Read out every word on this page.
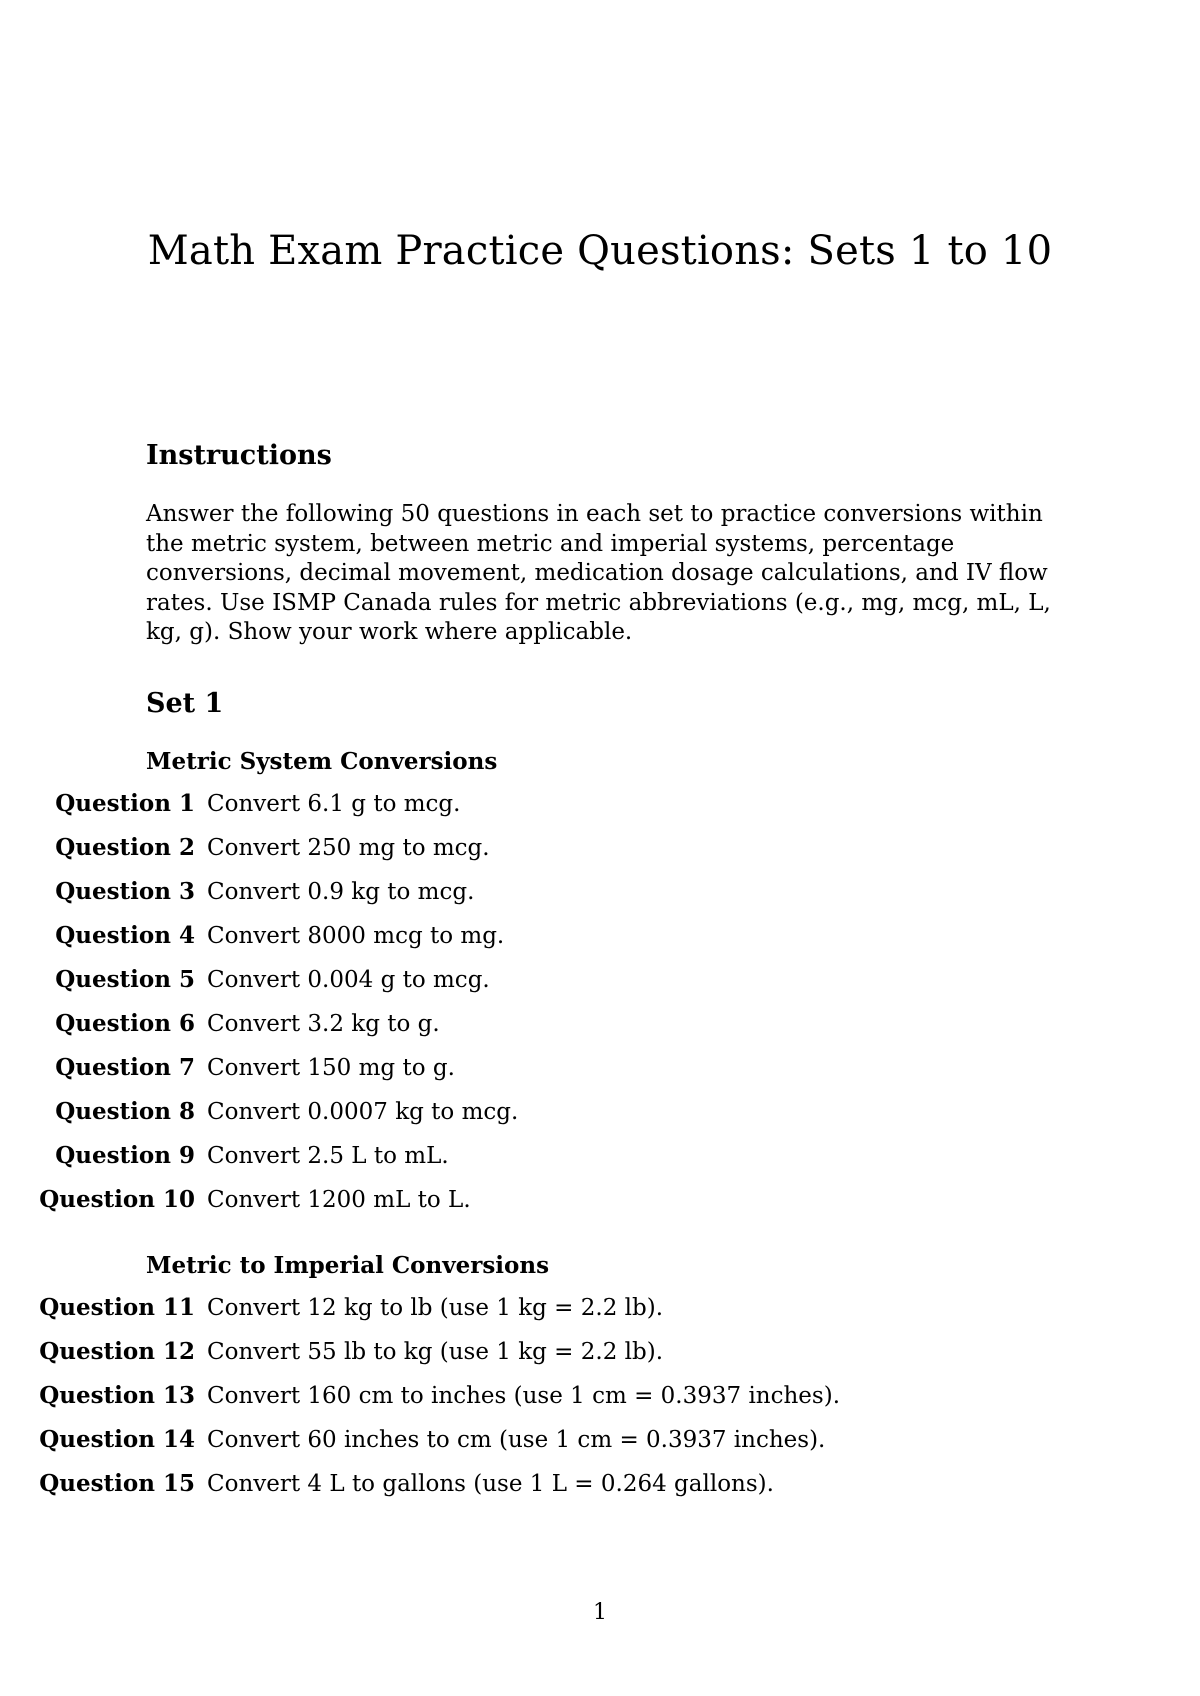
Math Exam Practice Questions: Sets 1 to 10
Instructions

Answer the following 50 questions in each set to practice conversions within the metric system, between metric and imperial systems, percentage conversions, decimal movement, medication dosage calculations, and IV flow rates. Use ISMP Canada rules for metric abbreviations (e.g., mg, mcg, mL, L, kg, g). Show your work where applicable.

Set 1
Metric System Conversions
Question 1 Convert 6.1 g to mcg.
Question 2 Convert 250 mg to mcg.
Question 3 Convert 0.9 kg to mcg.
Question 4 Convert 8000 mcg to mg.
Question 5 Convert 0.004 g to mcg.
Question 6 Convert 3.2 kg to g.
Question 7 Convert 150 mg to g.
Question 8 Convert 0.0007 kg to mcg.
Question 9 Convert 2.5 L to mL.
Question 10 Convert 1200 mL to L.
Metric to Imperial Conversions
Question 11 Convert 12 kg to lb (use 1 kg = 2.2 lb).
Question 12 Convert 55 lb to kg (use 1 kg = 2.2 lb).
Question 13 Convert 160 cm to inches (use 1 cm = 0.3937 inches).
Question 14 Convert 60 inches to cm (use 1 cm = 0.3937 inches).
Question 15 Convert 4 L to gallons (use 1 L = 0.264 gallons).

1
